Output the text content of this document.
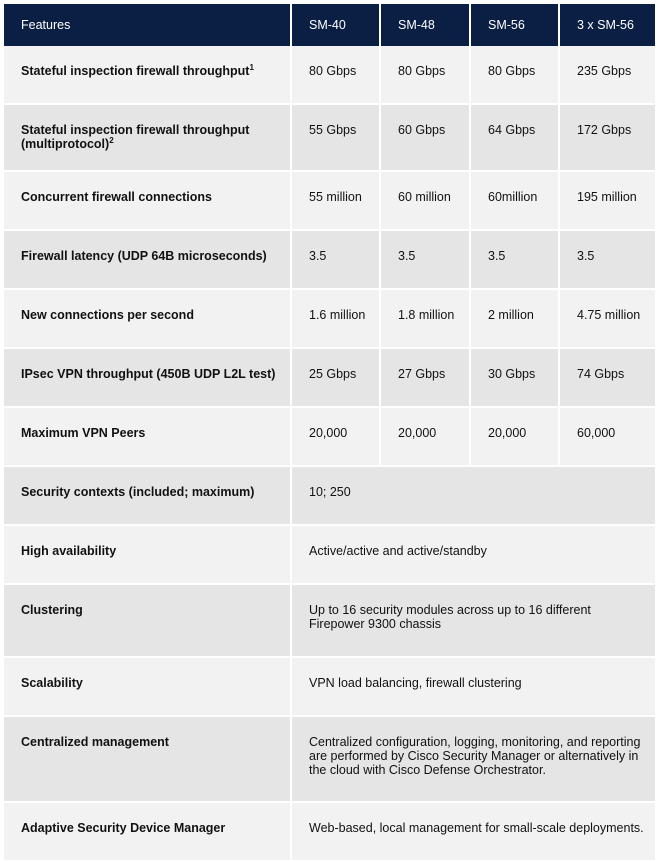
Features	SM-40	SM-48	SM-56	3 x SM-56
Stateful inspection firewall throughput$^1$	80 Gbps	80 Gbps	80 Gbps	235 Gbps
Stateful inspection firewall throughput (multiprotocol)$^2$	55 Gbps	60 Gbps	64 Gbps	172 Gbps
Concurrent firewall connections	55 million	60 million	60million	195 million
Firewall latency (UDP 64B microseconds)	3.5	3.5	3.5	3.5
New connections per second	1.6 million	1.8 million	2 million	4.75 million
IPsec VPN throughput (450B UDP L2L test)	25 Gbps	27 Gbps	30 Gbps	74 Gbps
Maximum VPN Peers	20,000	20,000	20,000	60,000
Security contexts (included; maximum)	10; 250			
High availability	Active/active and active/standby			
Clustering	Up to 16 security modules across up to 16 different Firepower 9300 chassis			
Scalability	VPN load balancing, firewall clustering			
Centralized management	Centralized configuration, logging, monitoring, and reporting are performed by Cisco Security Manager or alternatively in the cloud with Cisco Defense Orchestrator.			
Adaptive Security Device Manager	Web-based, local management for small-scale deployments.			
